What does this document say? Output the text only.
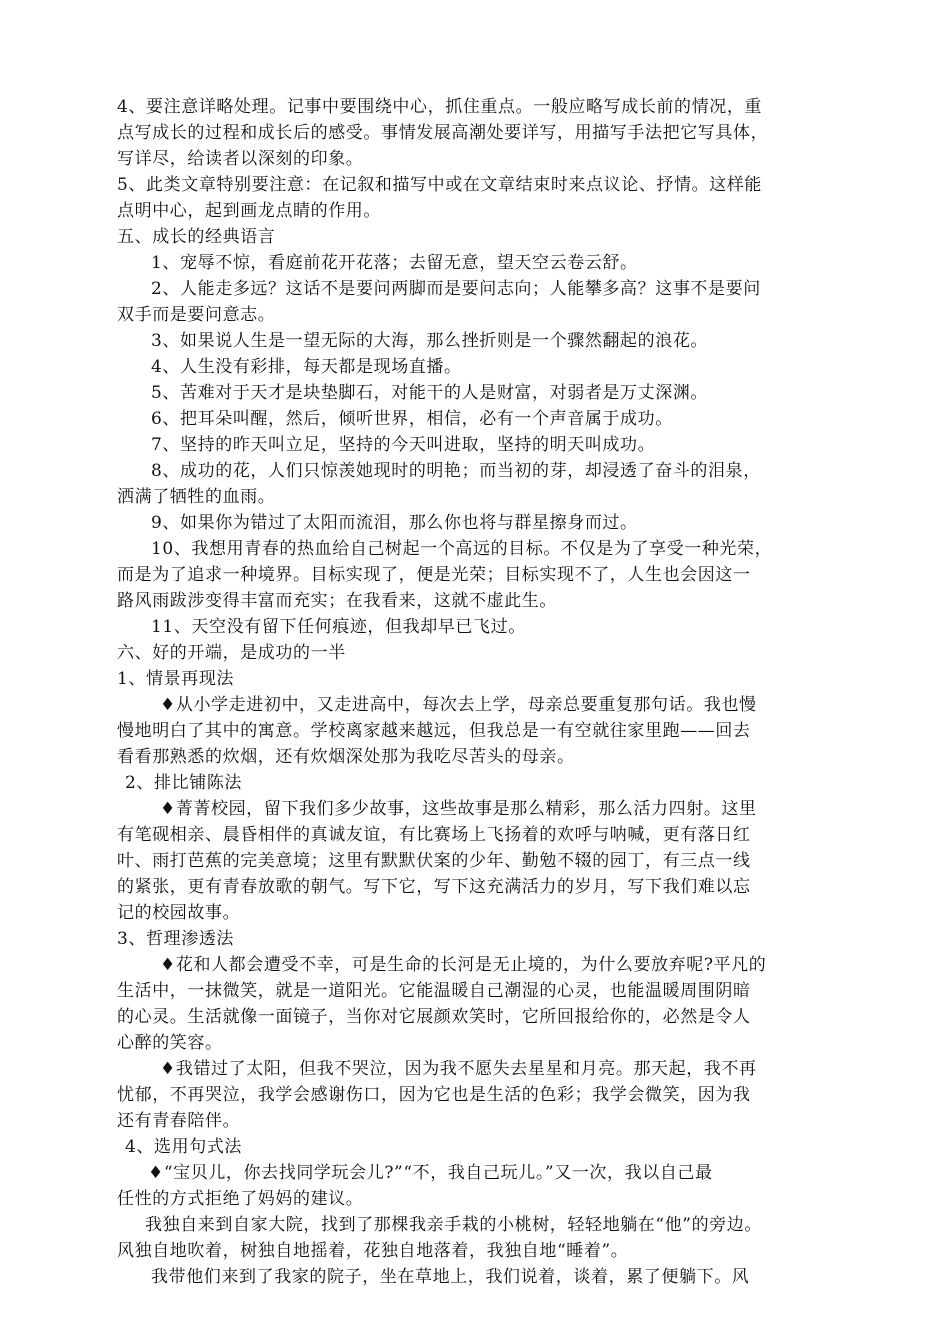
4、要注意详略处理。记事中要围绕中心，抓住重点。一般应略写成长前的情况，重
点写成长的过程和成长后的感受。事情发展高潮处要详写，用描写手法把它写具体，
写详尽，给读者以深刻的印象。
5、此类文章特别要注意：在记叙和描写中或在文章结束时来点议论、抒情。这样能
点明中心，起到画龙点睛的作用。
五、成长的经典语言
1、宠辱不惊，看庭前花开花落；去留无意，望天空云卷云舒。
2、人能走多远？这话不是要问两脚而是要问志向；人能攀多高？这事不是要问
双手而是要问意志。
3、如果说人生是一望无际的大海，那么挫折则是一个骤然翻起的浪花。
4、人生没有彩排，每天都是现场直播。
5、苦难对于天才是块垫脚石，对能干的人是财富，对弱者是万丈深渊。
6、把耳朵叫醒，然后，倾听世界，相信，必有一个声音属于成功。
7、坚持的昨天叫立足，坚持的今天叫进取，坚持的明天叫成功。
8、成功的花，人们只惊羡她现时的明艳；而当初的芽，却浸透了奋斗的泪泉，
洒满了牺牲的血雨。
9、如果你为错过了太阳而流泪，那么你也将与群星擦身而过。
10、我想用青春的热血给自己树起一个高远的目标。不仅是为了享受一种光荣，
而是为了追求一种境界。目标实现了，便是光荣；目标实现不了，人生也会因这一
路风雨跋涉变得丰富而充实；在我看来，这就不虚此生。
11、天空没有留下任何痕迹，但我却早已飞过。
六、好的开端，是成功的一半
1、情景再现法
♦从小学走进初中，又走进高中，每次去上学，母亲总要重复那句话。我也慢
慢地明白了其中的寓意。学校离家越来越远，但我总是一有空就往家里跑——回去
看看那熟悉的炊烟，还有炊烟深处那为我吃尽苦头的母亲。
2、排比铺陈法
♦菁菁校园，留下我们多少故事，这些故事是那么精彩，那么活力四射。这里
有笔砚相亲、晨昏相伴的真诚友谊，有比赛场上飞扬着的欢呼与呐喊，更有落日红
叶、雨打芭蕉的完美意境；这里有默默伏案的少年、勤勉不辍的园丁，有三点一线
的紧张，更有青春放歌的朝气。写下它，写下这充满活力的岁月，写下我们难以忘
记的校园故事。
3、哲理渗透法
♦花和人都会遭受不幸，可是生命的长河是无止境的，为什么要放弃呢?平凡的
生活中，一抹微笑，就是一道阳光。它能温暖自己潮湿的心灵，也能温暖周围阴暗
的心灵。生活就像一面镜子，当你对它展颜欢笑时，它所回报给你的，必然是令人
心醉的笑容。
♦我错过了太阳，但我不哭泣，因为我不愿失去星星和月亮。那天起，我不再
忧郁，不再哭泣，我学会感谢伤口，因为它也是生活的色彩；我学会微笑，因为我
还有青春陪伴。
4、选用句式法
♦“宝贝儿，你去找同学玩会儿?”“不，我自己玩儿。”又一次，我以自己最
任性的方式拒绝了妈妈的建议。
我独自来到自家大院，找到了那棵我亲手栽的小桃树，轻轻地躺在“他”的旁边。
风独自地吹着，树独自地摇着，花独自地落着，我独自地“睡着”。
我带他们来到了我家的院子，坐在草地上，我们说着，谈着，累了便躺下。风
